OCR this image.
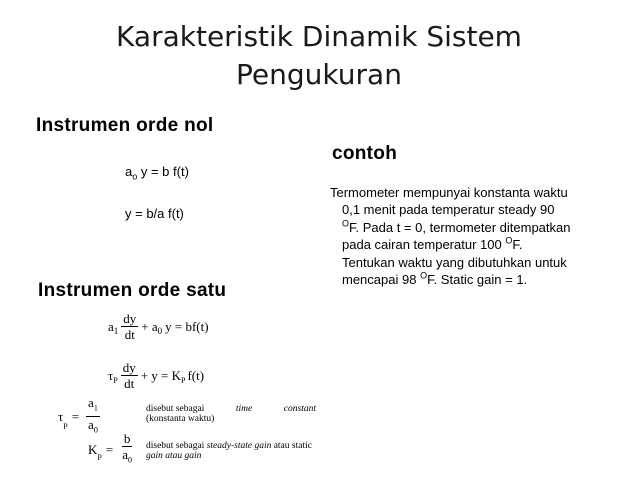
Karakteristik Dinamik Sistem
Pengukuran
Instrumen orde nol
$a_o$ y = b f(t)
y = b/a f(t)
contoh
Termometer mempunyai konstanta waktu
0,1 menit pada temperatur steady 90
$^O$F. Pada t = 0, termometer ditempatkan
pada cairan temperatur 100 $^O$F.
Tentukan waktu yang dibutuhkan untuk
mencapai 98 $^O$F. Static gain = 1.
Instrumen orde satu
$a_1 \frac{dy}{dt} + a_0$ y = bf(t)
$\tau_P \frac{dy}{dt} + y = K_P$ f(t)
τ
$_P$
= $\frac{a_1}{a_0}$	disebut sebagai	time	constant
(konstanta waktu)
K
$_P$
= $\frac{b}{a_0}$ disebut sebagai steady-state gain atau static
gain atau gain
